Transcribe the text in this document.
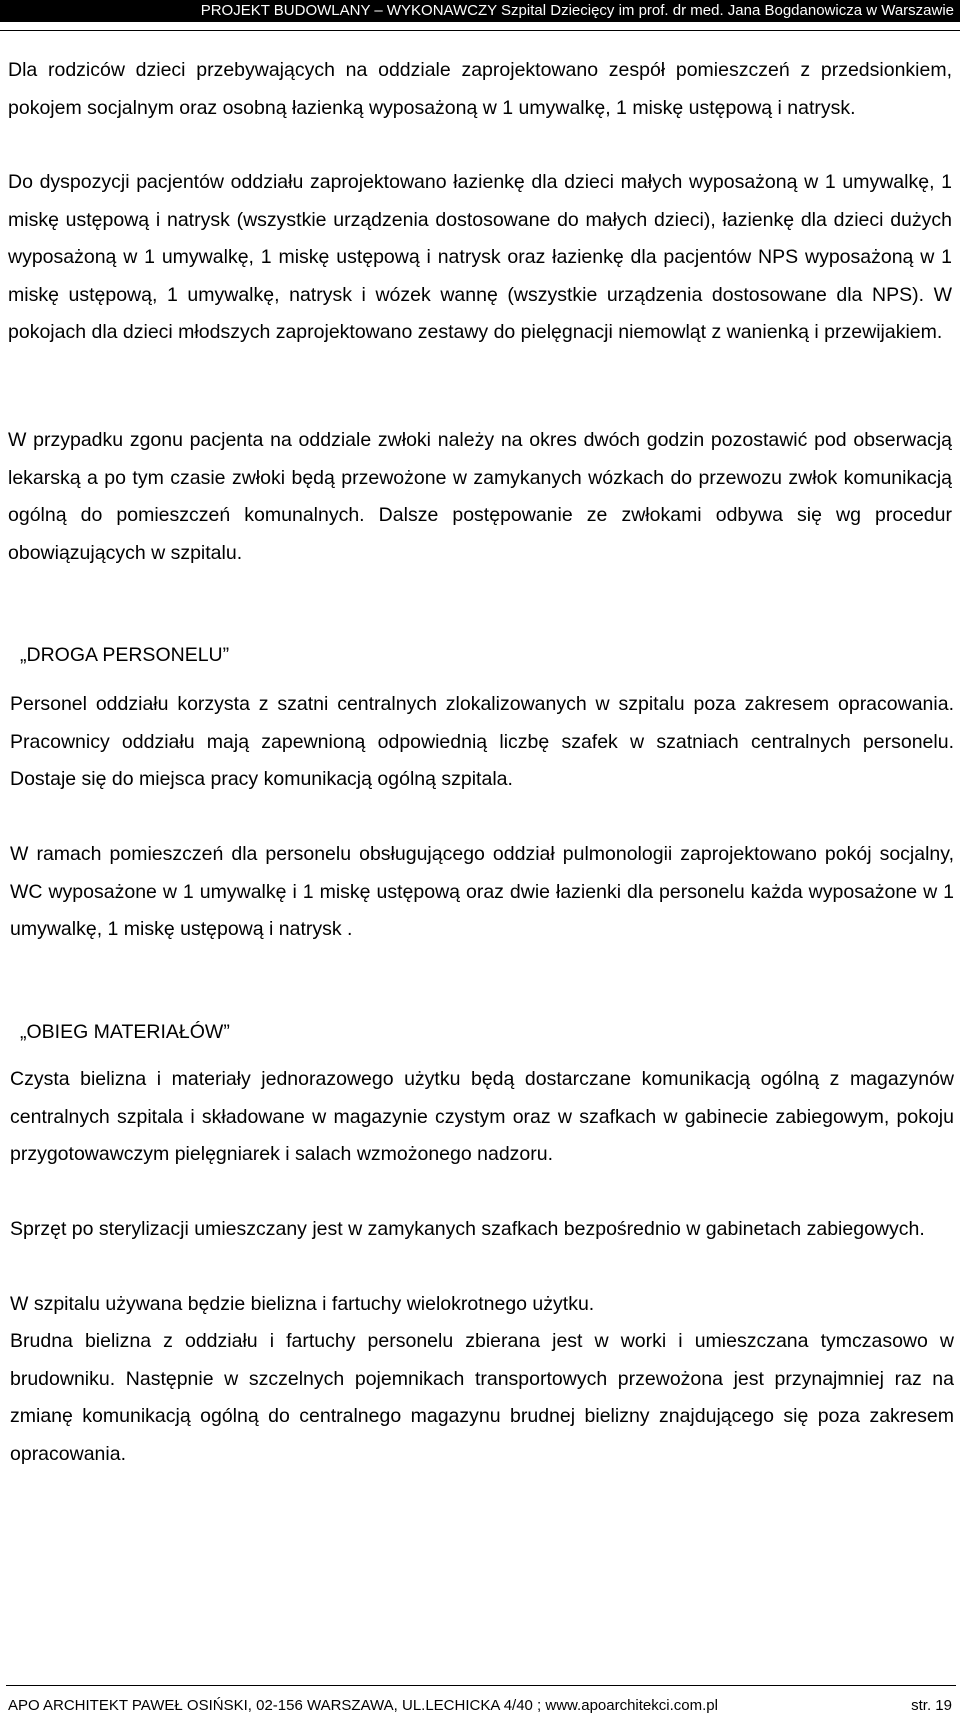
PROJEKT BUDOWLANY – WYKONAWCZY Szpital Dziecięcy im prof. dr med. Jana Bogdanowicza w Warszawie
Dla rodziców dzieci przebywających na oddziale zaprojektowano zespół pomieszczeń z przedsionkiem, pokojem socjalnym oraz osobną łazienką wyposażoną w 1 umywalkę, 1 miskę ustępową i natrysk.
Do dyspozycji pacjentów oddziału zaprojektowano łazienkę dla dzieci małych wyposażoną w 1 umywalkę, 1 miskę ustępową i natrysk (wszystkie urządzenia dostosowane do małych dzieci), łazienkę dla dzieci dużych wyposażoną w 1 umywalkę, 1 miskę ustępową i natrysk oraz łazienkę dla pacjentów NPS wyposażoną w 1 miskę ustępową, 1 umywalkę, natrysk i wózek wannę (wszystkie urządzenia dostosowane dla NPS). W pokojach dla dzieci młodszych zaprojektowano zestawy do pielęgnacji niemowląt z wanienką i przewijakiem.
W przypadku zgonu pacjenta na oddziale zwłoki należy na okres dwóch godzin pozostawić pod obserwacją lekarską a po tym czasie zwłoki będą przewożone w zamykanych wózkach do przewozu zwłok komunikacją ogólną do pomieszczeń komunalnych. Dalsze postępowanie ze zwłokami odbywa się wg procedur obowiązujących w szpitalu.
„DROGA PERSONELU”
Personel oddziału korzysta z szatni centralnych zlokalizowanych w szpitalu poza zakresem opracowania. Pracownicy oddziału mają zapewnioną odpowiednią liczbę szafek w szatniach centralnych personelu. Dostaje się do miejsca pracy komunikacją ogólną szpitala.
W ramach pomieszczeń dla personelu obsługującego oddział pulmonologii zaprojektowano pokój socjalny, WC wyposażone w 1 umywalkę i 1 miskę ustępową oraz dwie łazienki dla personelu każda wyposażone w 1 umywalkę, 1 miskę ustępową i natrysk .
„OBIEG MATERIAŁÓW”
Czysta bielizna i materiały jednorazowego użytku będą dostarczane komunikacją ogólną z magazynów centralnych szpitala i składowane w magazynie czystym oraz w szafkach w gabinecie zabiegowym, pokoju przygotowawczym pielęgniarek i salach wzmożonego nadzoru.
Sprzęt po sterylizacji umieszczany jest w zamykanych szafkach bezpośrednio w gabinetach zabiegowych.
W szpitalu używana będzie bielizna i fartuchy wielokrotnego użytku.
Brudna bielizna z oddziału i fartuchy personelu zbierana jest w worki i umieszczana tymczasowo w brudowniku. Następnie w szczelnych pojemnikach transportowych przewożona jest przynajmniej raz na zmianę komunikacją ogólną do centralnego magazynu brudnej bielizny znajdującego się poza zakresem opracowania.
APO ARCHITEKT PAWEŁ OSIŃSKI, 02-156 WARSZAWA, UL.LECHICKA 4/40 ; www.apoarchitekci.com.pl	str. 19
